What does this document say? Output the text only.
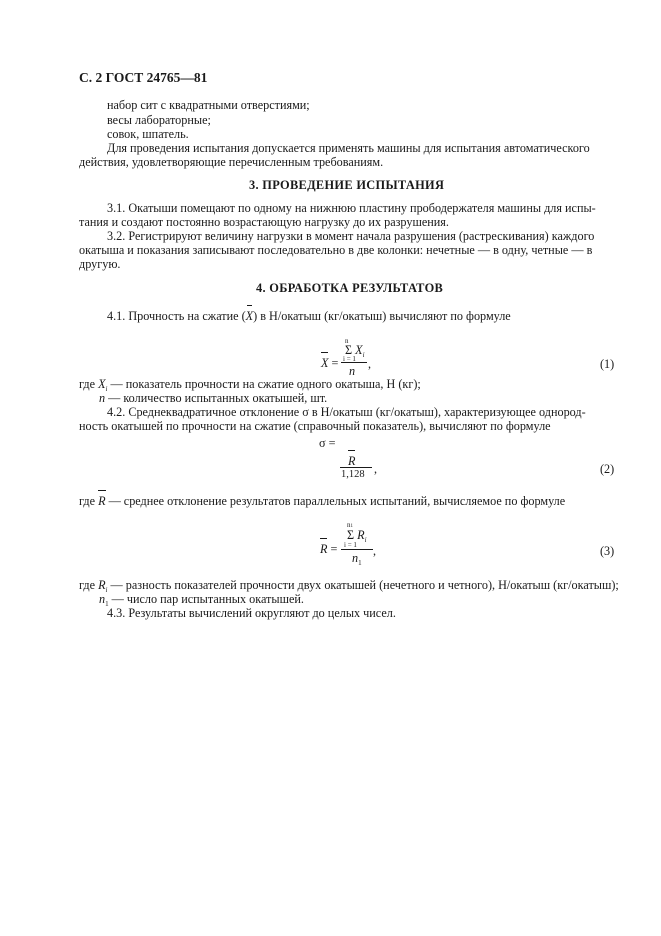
С. 2 ГОСТ 24765—81
набор сит с квадратными отверстиями;
весы лабораторные;
совок, шпатель.
Для проведения испытания допускается применять машины для испытания автоматического
действия, удовлетворяющие перечисленным требованиям.
3. ПРОВЕДЕНИЕ ИСПЫТАНИЯ
3.1. Окатыши помещают по одному на нижнюю пластину прободержателя машины для испы-
тания и создают постоянно возрастающую нагрузку до их разрушения.
3.2. Регистрируют величину нагрузки в момент начала разрушения (растрескивания) каждого
окатыша и показания записывают последовательно в две колонки: нечетные — в одну, четные — в
другую.
4. ОБРАБОТКА РЕЗУЛЬТАТОВ
4.1. Прочность на сжатие (
X) в Н/окатыш (кг/окатыш) вычисляют по формуле
n
Σ $X_i$
i = 1
X =
n ,	(1)
где $X_i$ — показатель прочности на сжатие одного окатыша, Н (кг);
n — количество испытанных окатышей, шт.
4.2. Среднеквадратичное отклонение σ в Н/окатыш (кг/окатыш), характеризующее однород-
ность окатышей по прочности на сжатие (справочный показатель), вычисляют по формуле
σ =
R
1,128 ,	(2)
где
R — среднее отклонение результатов параллельных испытаний, вычисляемое по формуле
n1
Σ $R_i$
i = 1
R =
$n_1$
,	(3)
где $R_i$ — разность показателей прочности двух окатышей (нечетного и четного), Н/окатыш (кг/окатыш);
$n_1$ — число пар испытанных окатышей.
4.3. Результаты вычислений округляют до целых чисел.
